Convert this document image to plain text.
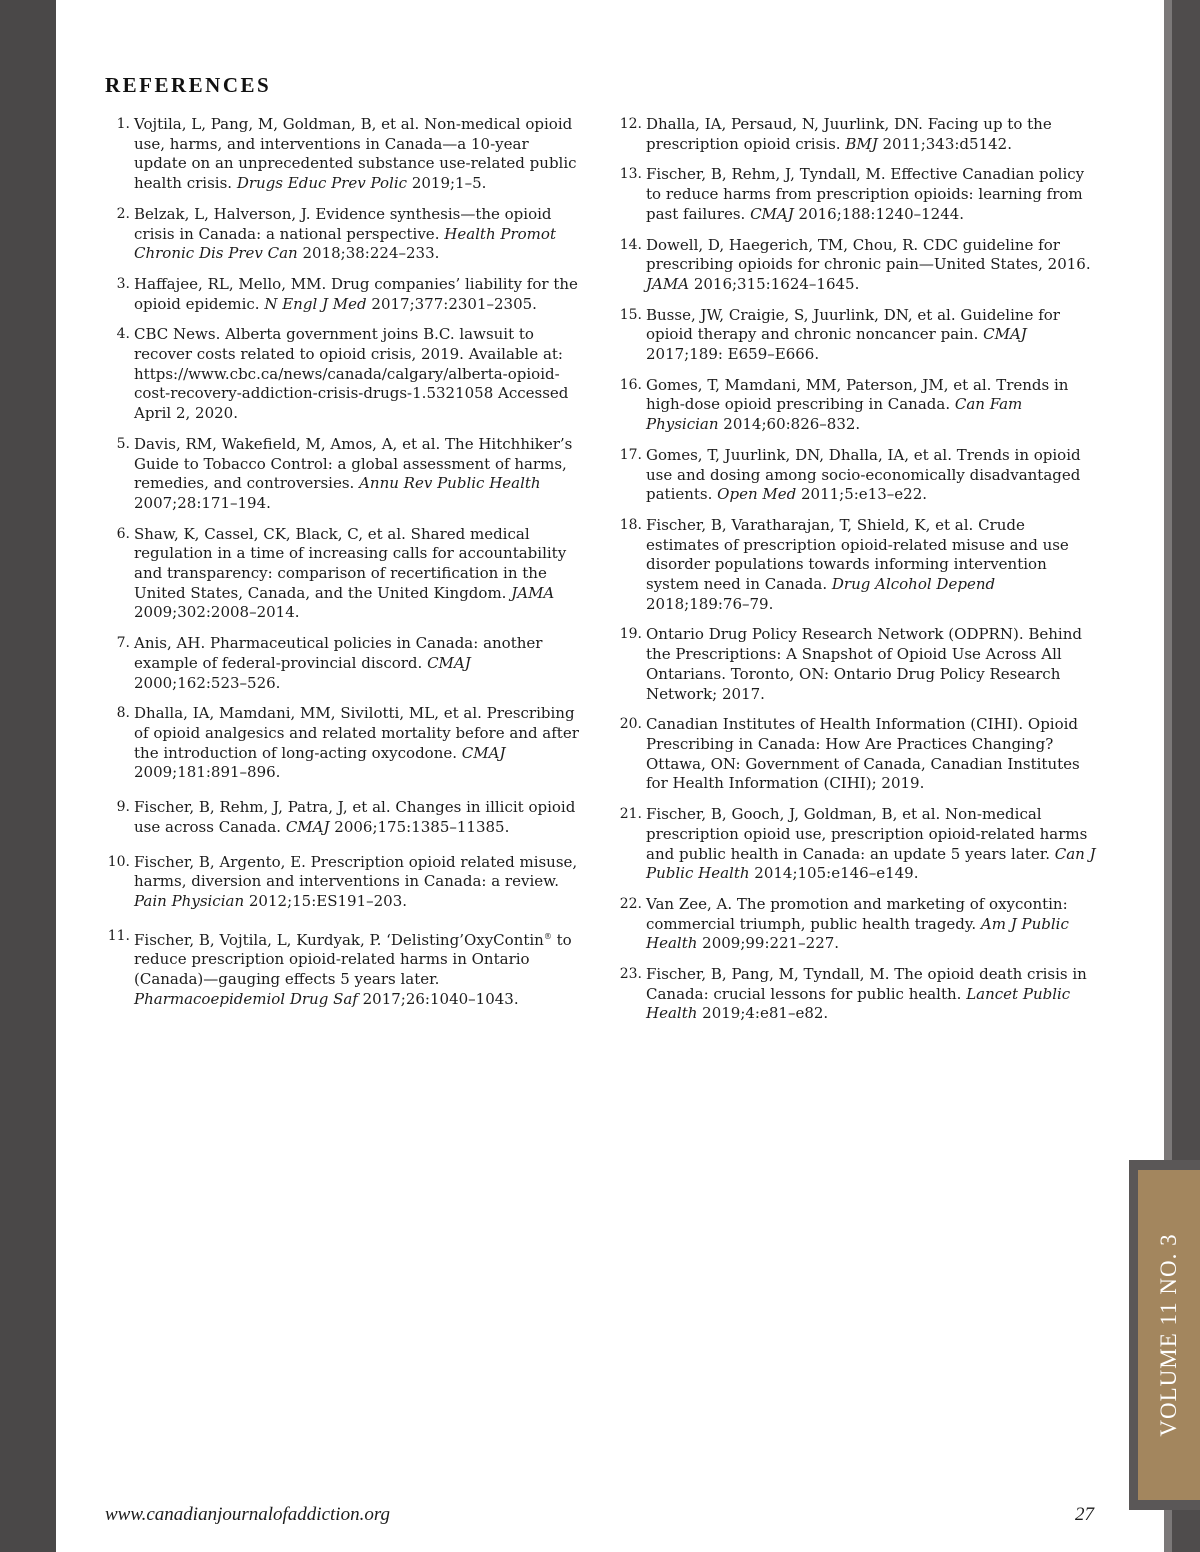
VOLUME 11 NO. 3
REFERENCES
1. Vojtila, L, Pang, M, Goldman, B, et al. Non-medical opioid use, harms, and interventions in Canada—a 10-year update on an unprecedented substance use-related public health crisis. Drugs Educ Prev Polic 2019;1–5.
2. Belzak, L, Halverson, J. Evidence synthesis—the opioid crisis in Canada: a national perspective. Health Promot Chronic Dis Prev Can 2018;38:224–233.
3. Haffajee, RL, Mello, MM. Drug companies’ liability for the opioid epidemic. N Engl J Med 2017;377:2301–2305.
4. CBC News. Alberta government joins B.C. lawsuit to recover costs related to opioid crisis, 2019. Available at: https://www.cbc.ca/news/canada/calgary/alberta-opioid-cost-recovery-addiction-crisis-drugs-1.5321058 Accessed April 2, 2020.
5. Davis, RM, Wakefield, M, Amos, A, et al. The Hitchhiker’s Guide to Tobacco Control: a global assessment of harms, remedies, and controversies. Annu Rev Public Health 2007;28:171–194.
6. Shaw, K, Cassel, CK, Black, C, et al. Shared medical regulation in a time of increasing calls for accountability and transparency: comparison of recertification in the United States, Canada, and the United Kingdom. JAMA 2009;302:2008–2014.
7. Anis, AH. Pharmaceutical policies in Canada: another example of federal-provincial discord. CMAJ 2000;162:523–526.
8. Dhalla, IA, Mamdani, MM, Sivilotti, ML, et al. Prescribing of opioid analgesics and related mortality before and after the introduction of long-acting oxycodone. CMAJ 2009;181:891–896.
9. Fischer, B, Rehm, J, Patra, J, et al. Changes in illicit opioid use across Canada. CMAJ 2006;175:1385–11385.
10. Fischer, B, Argento, E. Prescription opioid related misuse, harms, diversion and interventions in Canada: a review. Pain Physician 2012;15:ES191–203.
11. Fischer, B, Vojtila, L, Kurdyak, P. ‘Delisting’OxyContin® to reduce prescription opioid-related harms in Ontario (Canada)—gauging effects 5 years later. Pharmacoepidemiol Drug Saf 2017;26:1040–1043.
12. Dhalla, IA, Persaud, N, Juurlink, DN. Facing up to the prescription opioid crisis. BMJ 2011;343:d5142.
13. Fischer, B, Rehm, J, Tyndall, M. Effective Canadian policy to reduce harms from prescription opioids: learning from past failures. CMAJ 2016;188:1240–1244.
14. Dowell, D, Haegerich, TM, Chou, R. CDC guideline for prescribing opioids for chronic pain—United States, 2016. JAMA 2016;315:1624–1645.
15. Busse, JW, Craigie, S, Juurlink, DN, et al. Guideline for opioid therapy and chronic noncancer pain. CMAJ 2017;189: E659–E666.
16. Gomes, T, Mamdani, MM, Paterson, JM, et al. Trends in high-dose opioid prescribing in Canada. Can Fam Physician 2014;60:826–832.
17. Gomes, T, Juurlink, DN, Dhalla, IA, et al. Trends in opioid use and dosing among socio-economically disadvantaged patients. Open Med 2011;5:e13–e22.
18. Fischer, B, Varatharajan, T, Shield, K, et al. Crude estimates of prescription opioid-related misuse and use disorder populations towards informing intervention system need in Canada. Drug Alcohol Depend 2018;189:76–79.
19. Ontario Drug Policy Research Network (ODPRN). Behind the Prescriptions: A Snapshot of Opioid Use Across All Ontarians. Toronto, ON: Ontario Drug Policy Research Network; 2017.
20. Canadian Institutes of Health Information (CIHI). Opioid Prescribing in Canada: How Are Practices Changing? Ottawa, ON: Government of Canada, Canadian Institutes for Health Information (CIHI); 2019.
21. Fischer, B, Gooch, J, Goldman, B, et al. Non-medical prescription opioid use, prescription opioid-related harms and public health in Canada: an update 5 years later. Can J Public Health 2014;105:e146–e149.
22. Van Zee, A. The promotion and marketing of oxycontin: commercial triumph, public health tragedy. Am J Public Health 2009;99:221–227.
23. Fischer, B, Pang, M, Tyndall, M. The opioid death crisis in Canada: crucial lessons for public health. Lancet Public Health 2019;4:e81–e82.
www.canadianjournalofaddiction.org	27
